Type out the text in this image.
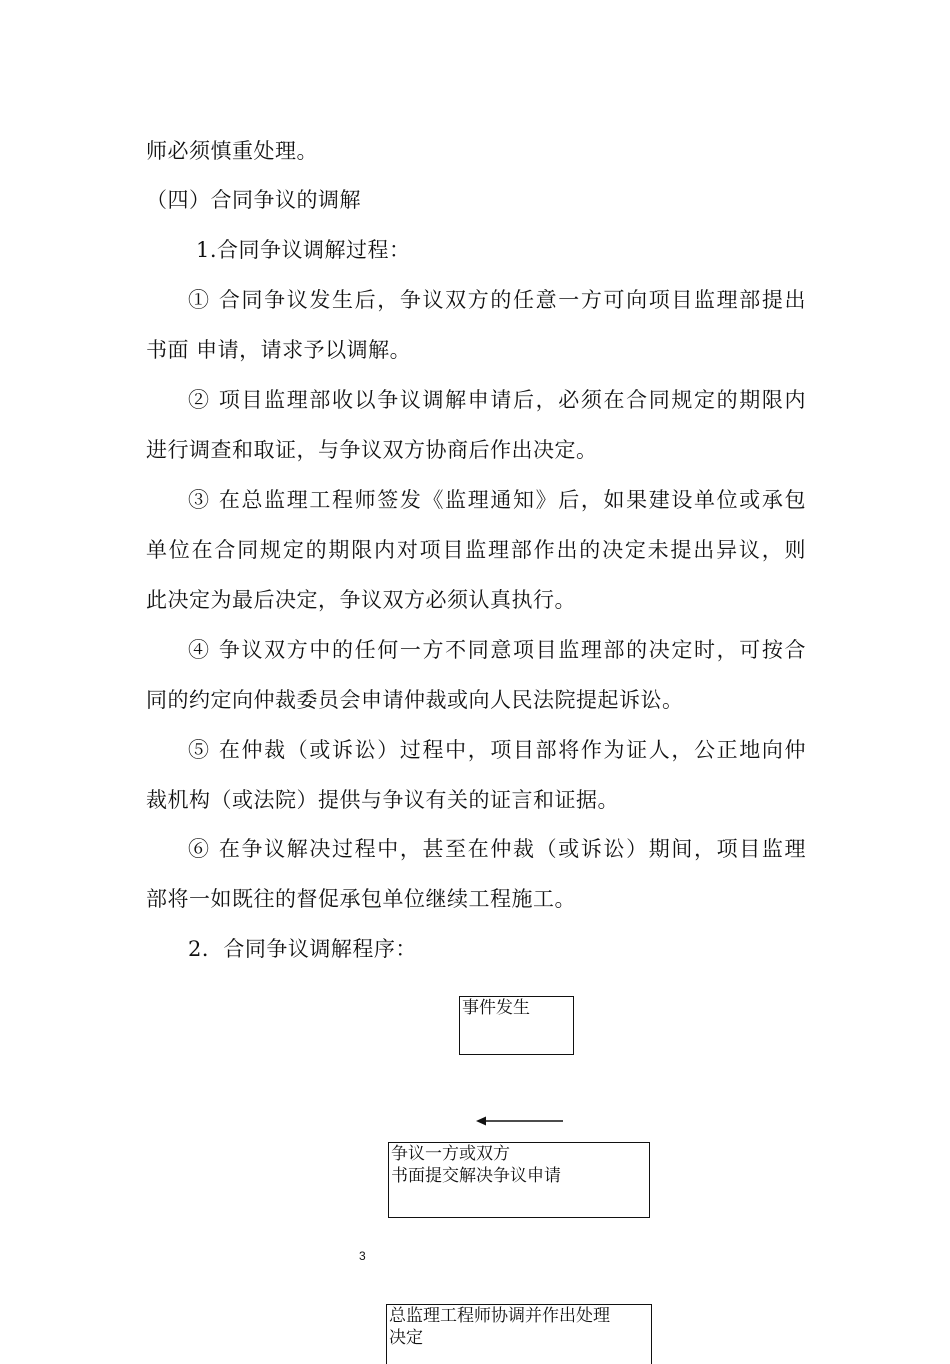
师必须慎重处理。
（四）合同争议的调解
1.合同争议调解过程：
① 合同争议发生后，争议双方的任意一方可向项目监理部提出
书面 申请，请求予以调解。
② 项目监理部收以争议调解申请后，必须在合同规定的期限内
进行调查和取证，与争议双方协商后作出决定。
③ 在总监理工程师签发《监理通知》后，如果建设单位或承包
单位在合同规定的期限内对项目监理部作出的决定未提出异议，则
此决定为最后决定，争议双方必须认真执行。
④ 争议双方中的任何一方不同意项目监理部的决定时，可按合
同的约定向仲裁委员会申请仲裁或向人民法院提起诉讼。
⑤ 在仲裁（或诉讼）过程中，项目部将作为证人，公正地向仲
裁机构（或法院）提供与争议有关的证言和证据。
⑥ 在争议解决过程中，甚至在仲裁（或诉讼）期间，项目监理
部将一如既往的督促承包单位继续工程施工。
2．合同争议调解程序：
事件发生
争议一方或双方
书面提交解决争议申请
总监理工程师协调并作出处理
决定
3
